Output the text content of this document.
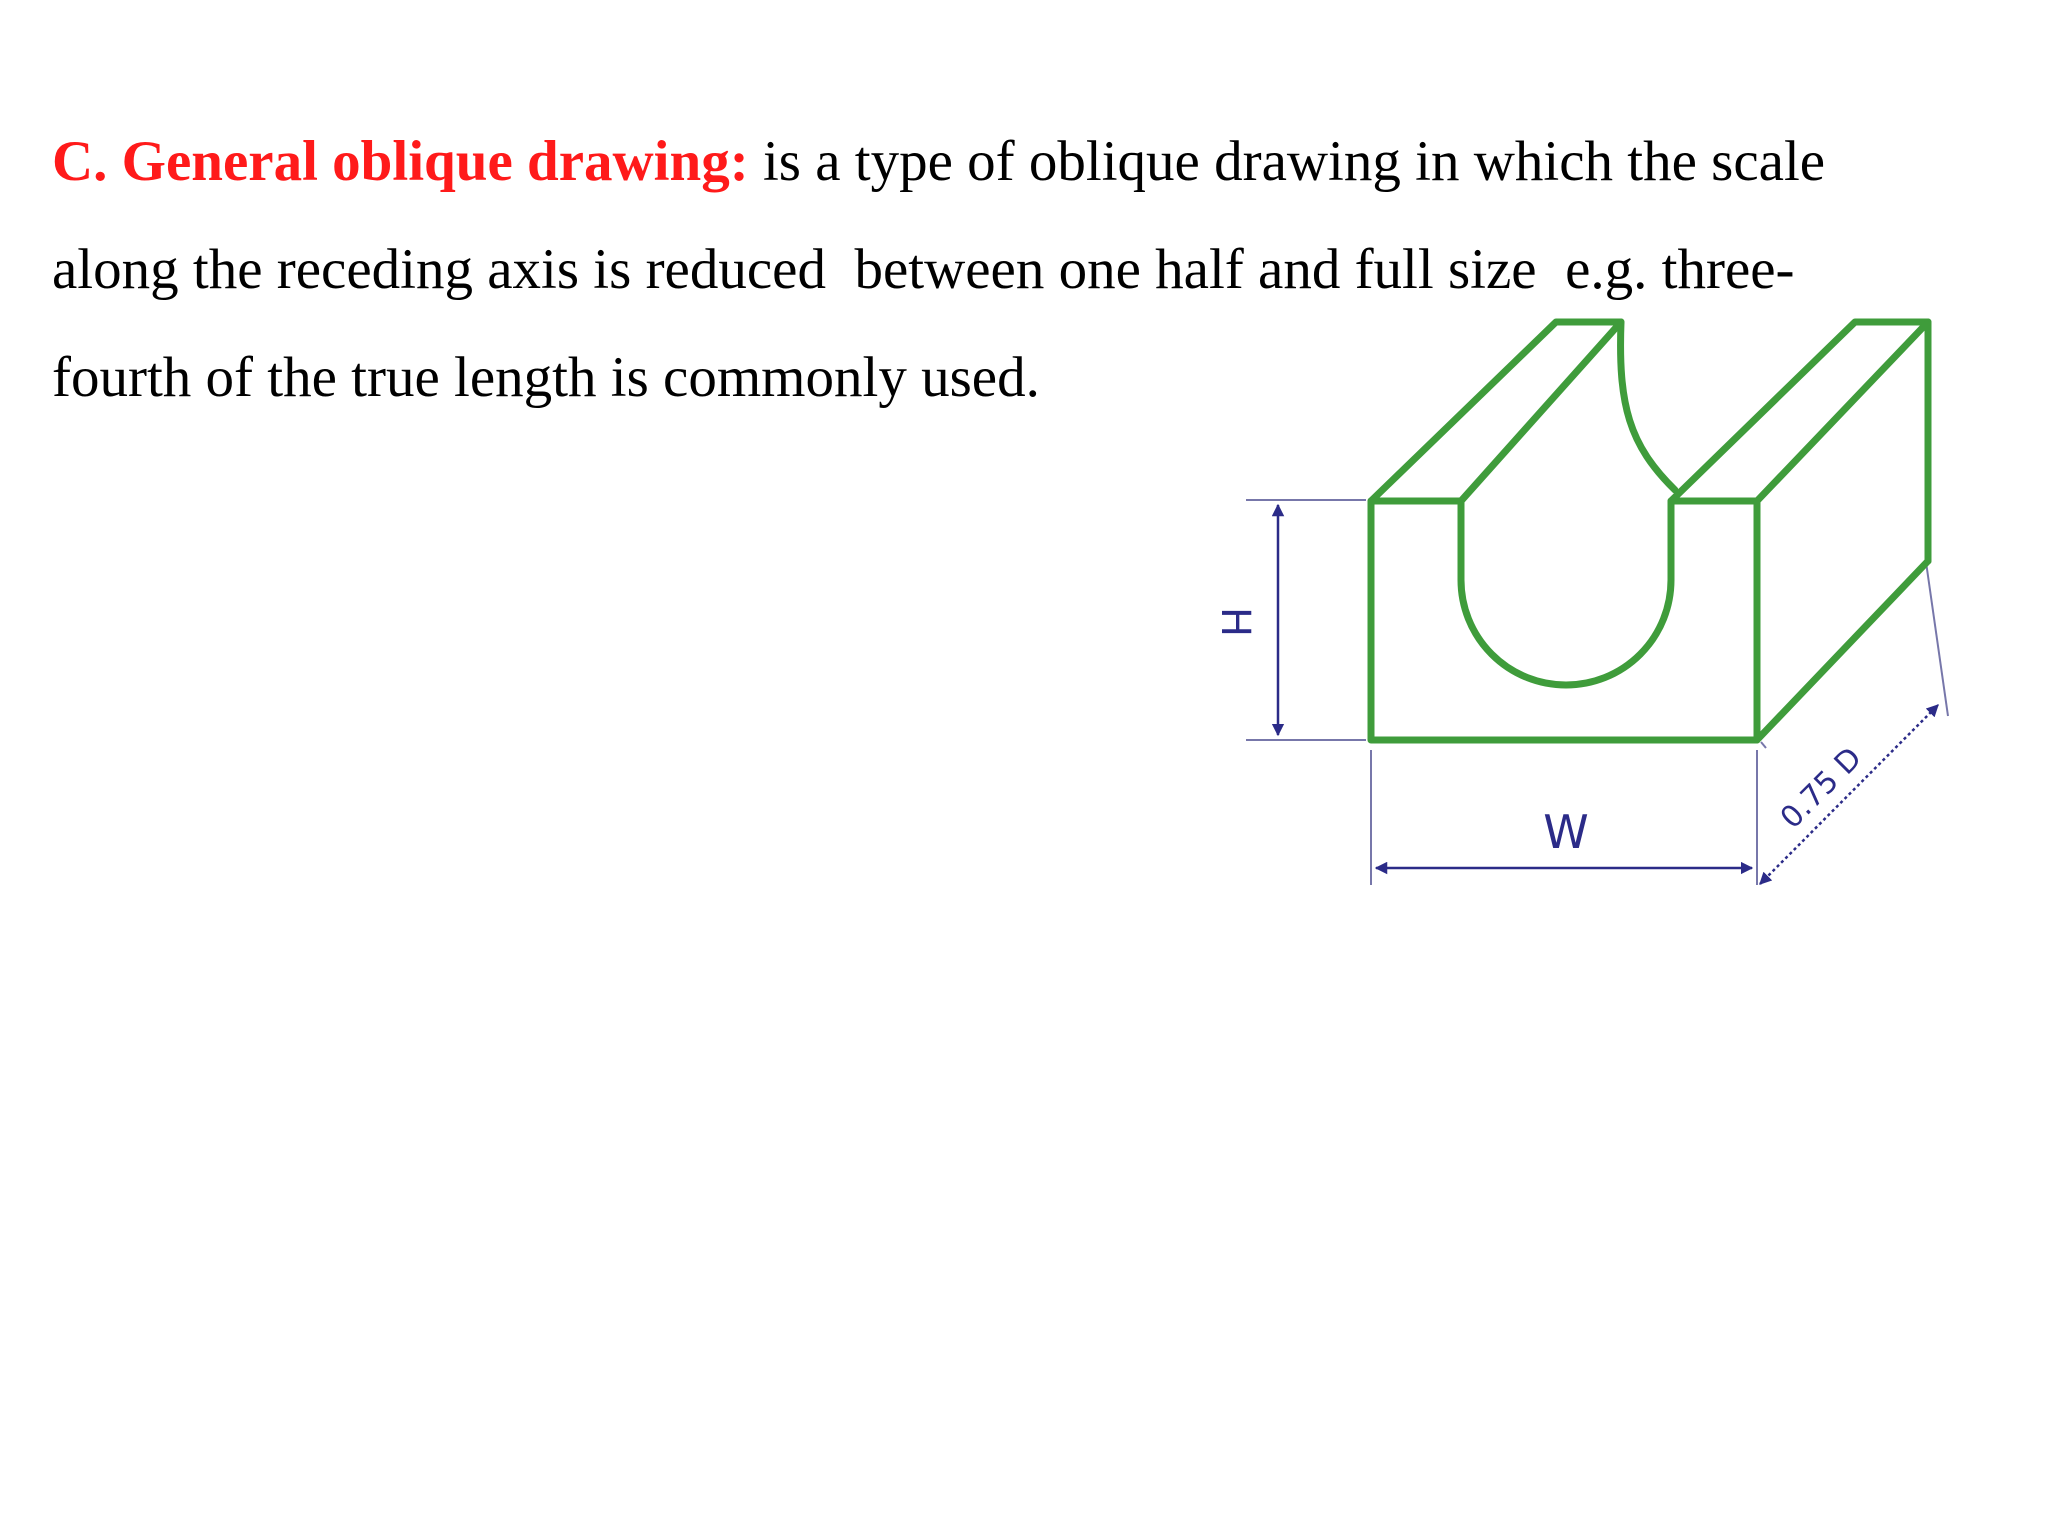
C. General oblique drawing: is a type of oblique drawing in which the scale
along the receding axis is reduced  between one half and full size  e.g. three-
fourth of the true length is commonly used.
H
W	0.75 D
